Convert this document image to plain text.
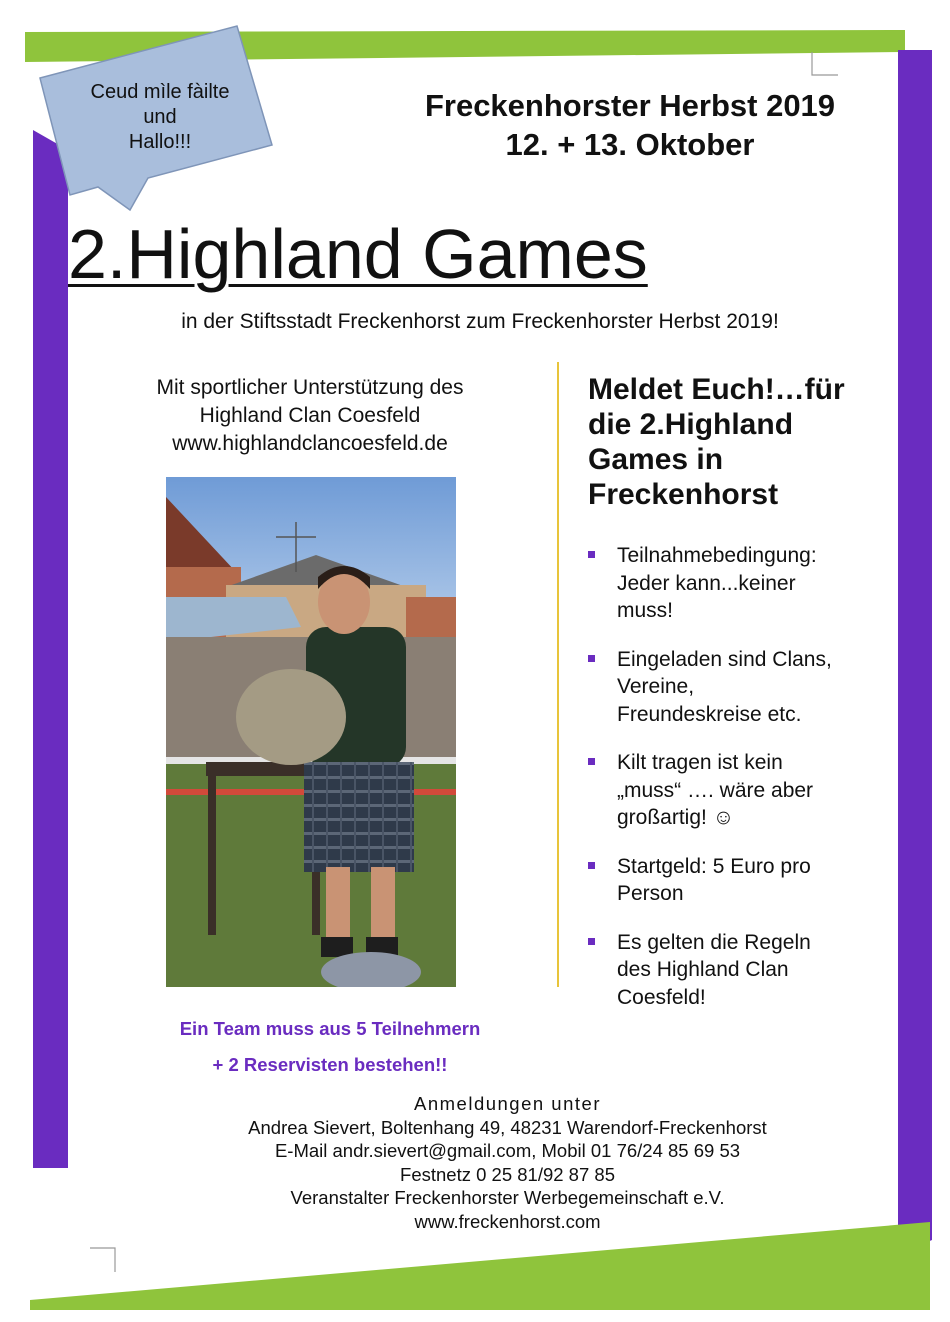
Ceud mìle fàilte
und
Hallo!!!
Freckenhorster Herbst 2019
12. + 13. Oktober
2.Highland Games
in der Stiftsstadt Freckenhorst zum Freckenhorster Herbst 2019!
Mit sportlicher Unterstützung des
Highland Clan Coesfeld
www.highlandclancoesfeld.de
Ein Team muss aus 5 Teilnehmern
+ 2 Reservisten bestehen!!
Meldet Euch!…für
die 2.Highland
Games in
Freckenhorst
Teilnahmebedingung:
Jeder kann...keiner
muss!
Eingeladen sind Clans,
Vereine,
Freundeskreise etc.
Kilt tragen ist kein
„muss“ …. wäre aber
großartig! ☺
Startgeld: 5 Euro pro
Person
Es gelten die Regeln
des Highland Clan
Coesfeld!
Anmeldungen unter
Andrea Sievert, Boltenhang 49, 48231 Warendorf-Freckenhorst
E-Mail andr.sievert@gmail.com, Mobil 01 76/24 85 69 53
Festnetz 0 25 81/92 87 85
Veranstalter Freckenhorster Werbegemeinschaft e.V.
www.freckenhorst.com
